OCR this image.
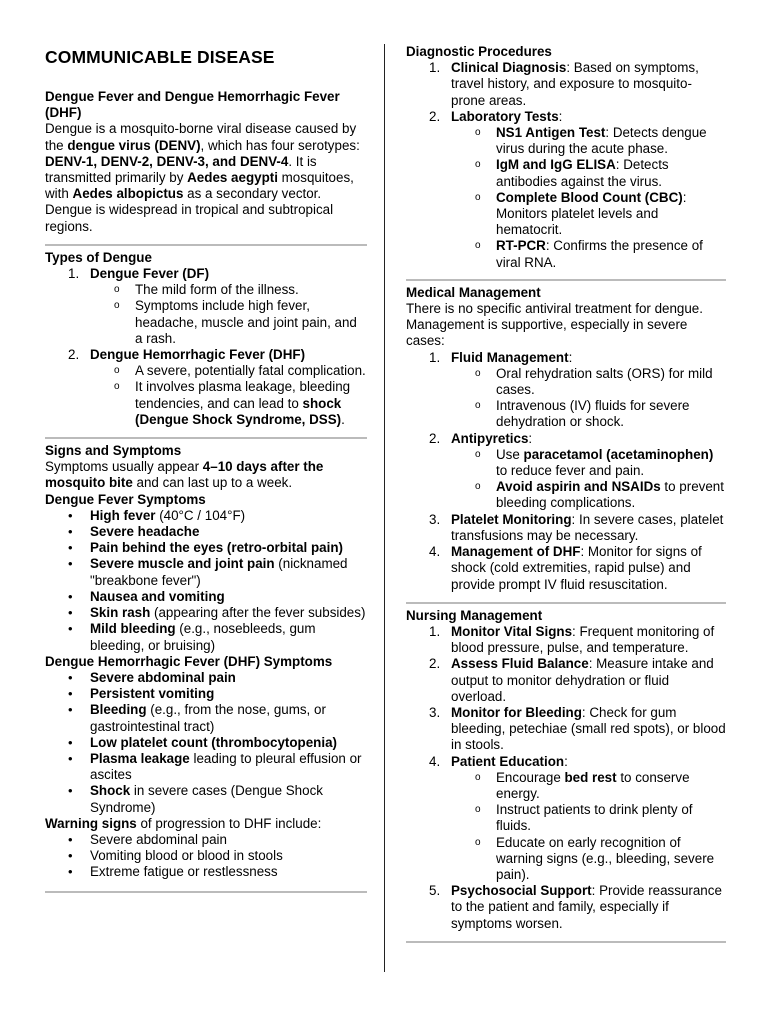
COMMUNICABLE DISEASE

Dengue Fever and Dengue Hemorrhagic Fever (DHF)

Dengue is a mosquito-borne viral disease caused by the dengue virus (DENV), which has four serotypes: DENV-1, DENV-2, DENV-3, and DENV-4. It is transmitted primarily by Aedes aegypti mosquitoes, with Aedes albopictus as a secondary vector. Dengue is widespread in tropical and subtropical regions.

Types of Dengue

1. Dengue Fever (DF)
o The mild form of the illness.
o Symptoms include high fever, headache, muscle and joint pain, and a rash.
2. Dengue Hemorrhagic Fever (DHF)
o A severe, potentially fatal complication.
o It involves plasma leakage, bleeding tendencies, and can lead to shock (Dengue Shock Syndrome, DSS).

Signs and Symptoms

Symptoms usually appear 4–10 days after the mosquito bite and can last up to a week.

Dengue Fever Symptoms

• High fever (40°C / 104°F)
• Severe headache
• Pain behind the eyes (retro-orbital pain)
• Severe muscle and joint pain (nicknamed "breakbone fever")
• Nausea and vomiting
• Skin rash (appearing after the fever subsides)
• Mild bleeding (e.g., nosebleeds, gum bleeding, or bruising)

Dengue Hemorrhagic Fever (DHF) Symptoms

• Severe abdominal pain
• Persistent vomiting
• Bleeding (e.g., from the nose, gums, or gastrointestinal tract)
• Low platelet count (thrombocytopenia)
• Plasma leakage leading to pleural effusion or ascites
• Shock in severe cases (Dengue Shock Syndrome)

Warning signs of progression to DHF include:

• Severe abdominal pain
• Vomiting blood or blood in stools
• Extreme fatigue or restlessness

Diagnostic Procedures

1. Clinical Diagnosis: Based on symptoms, travel history, and exposure to mosquito-prone areas.
2. Laboratory Tests:
o NS1 Antigen Test: Detects dengue virus during the acute phase.
o IgM and IgG ELISA: Detects antibodies against the virus.
o Complete Blood Count (CBC): Monitors platelet levels and hematocrit.
o RT-PCR: Confirms the presence of viral RNA.

Medical Management

There is no specific antiviral treatment for dengue. Management is supportive, especially in severe cases:

1. Fluid Management:
o Oral rehydration salts (ORS) for mild cases.
o Intravenous (IV) fluids for severe dehydration or shock.
2. Antipyretics:
o Use paracetamol (acetaminophen) to reduce fever and pain.
o Avoid aspirin and NSAIDs to prevent bleeding complications.
3. Platelet Monitoring: In severe cases, platelet transfusions may be necessary.
4. Management of DHF: Monitor for signs of shock (cold extremities, rapid pulse) and provide prompt IV fluid resuscitation.

Nursing Management

1. Monitor Vital Signs: Frequent monitoring of blood pressure, pulse, and temperature.
2. Assess Fluid Balance: Measure intake and output to monitor dehydration or fluid overload.
3. Monitor for Bleeding: Check for gum bleeding, petechiae (small red spots), or blood in stools.
4. Patient Education:
o Encourage bed rest to conserve energy.
o Instruct patients to drink plenty of fluids.
o Educate on early recognition of warning signs (e.g., bleeding, severe pain).
5. Psychosocial Support: Provide reassurance to the patient and family, especially if symptoms worsen.
